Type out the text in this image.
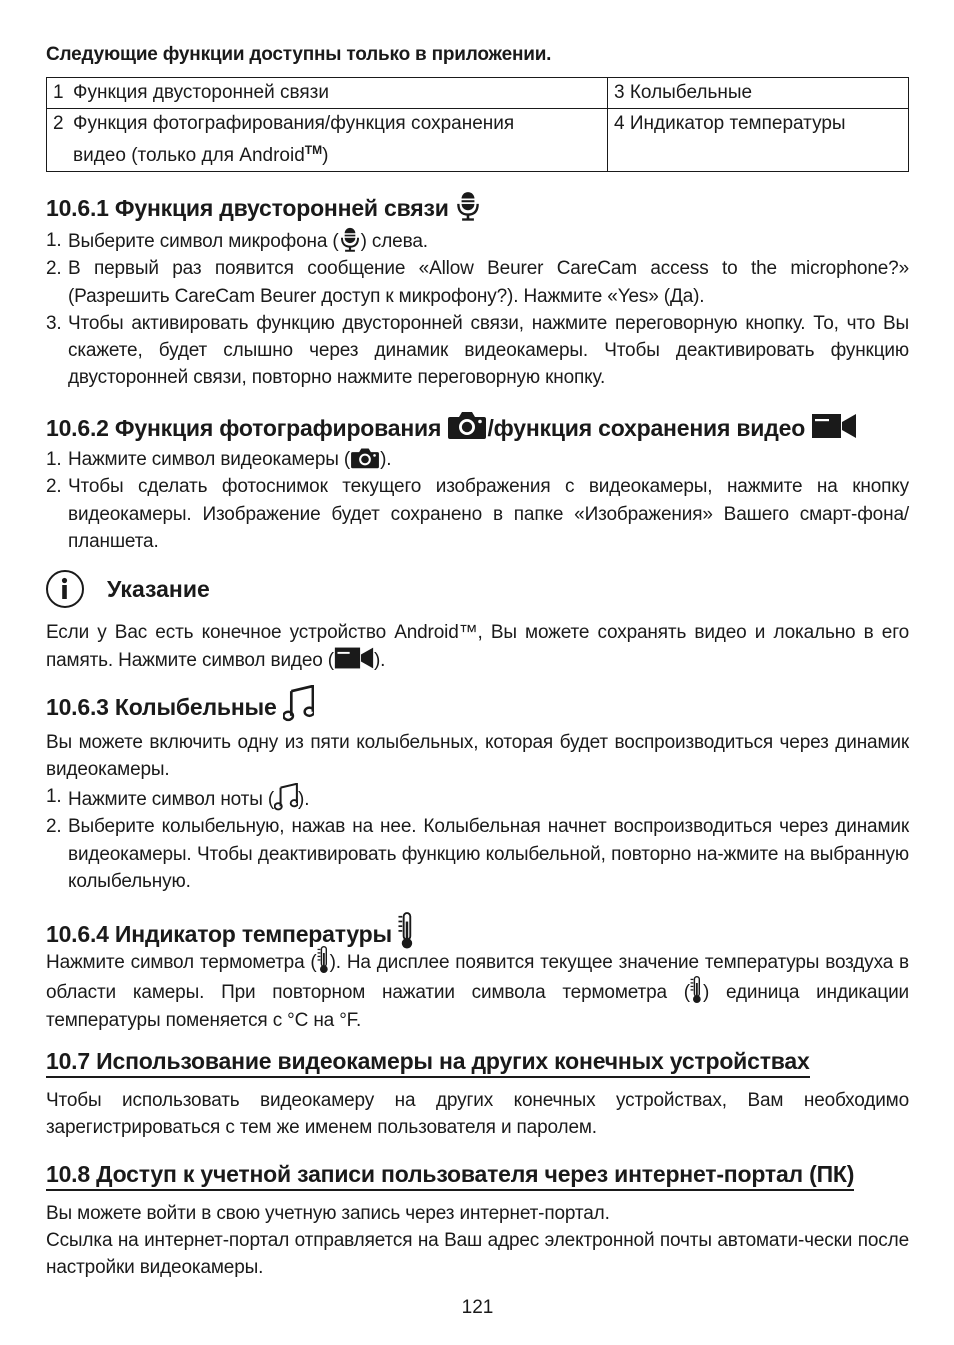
Следующие функции доступны только в приложении.
1 Функция двусторонней связи	3 Колыбельные
2 Функция фотографирования/функция сохранения
видео (только для Android™)	4 Индикатор температуры
10.6.1 Функция двусторонней связи
1. Выберите символ микрофона ( ) слева.
2. В первый раз появится сообщение «Allow Beurer CareCam access to the microphone?» (Разрешить CareCam Beurer доступ к микрофону?). Нажмите «Yes» (Да).
3. Чтобы активировать функцию двусторонней связи, нажмите переговорную кнопку. То, что Вы скажете, будет слышно через динамик видеокамеры. Чтобы деактивировать функцию двусторонней связи, повторно нажмите переговорную кнопку.
10.6.2 Функция фотографирования /функция сохранения видео
1. Нажмите символ видеокамеры ( ).
2. Чтобы сделать фотоснимок текущего изображения с видеокамеры, нажмите на кнопку видеокамеры. Изображение будет сохранено в папке «Изображения» Вашего смарт-фона/планшета.
Указание
Если у Вас есть конечное устройство Android™, Вы можете сохранять видео и локально в его память. Нажмите символ видео ( ).
10.6.3 Колыбельные
Вы можете включить одну из пяти колыбельных, которая будет воспроизводиться через динамик видеокамеры.
1. Нажмите символ ноты ( ).
2. Выберите колыбельную, нажав на нее. Колыбельная начнет воспроизводиться через динамик видеокамеры. Чтобы деактивировать функцию колыбельной, повторно на-жмите на выбранную колыбельную.
10.6.4 Индикатор температуры
Нажмите символ термометра ( ). На дисплее появится текущее значение температуры воздуха в области камеры. При повторном нажатии символа термометра ( ) единица индикации температуры поменяется с °C на °F.
10.7 Использование видеокамеры на других конечных устройствах
Чтобы использовать видеокамеру на других конечных устройствах, Вам необходимо зарегистрироваться с тем же именем пользователя и паролем.
10.8 Доступ к учетной записи пользователя через интернет-портал (ПК)
Вы можете войти в свою учетную запись через интернет-портал.
Ссылка на интернет-портал отправляется на Ваш адрес электронной почты автомати-чески после настройки видеокамеры.
121
